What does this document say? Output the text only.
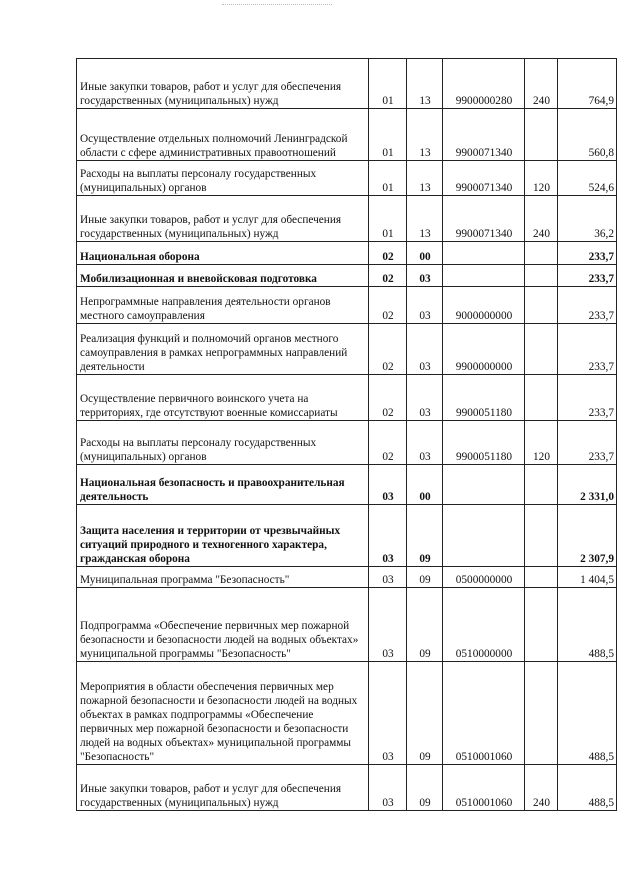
Иные закупки товаров, работ и услуг для обеспечения государственных (муниципальных) нужд	01	13	9900000280	240	764,9
Осуществление отдельных полномочий Ленинградской области с сфере административных правоотношений	01	13	9900071340		560,8
Расходы на выплаты персоналу государственных (муниципальных) органов	01	13	9900071340	120	524,6
Иные закупки товаров, работ и услуг для обеспечения государственных (муниципальных) нужд	01	13	9900071340	240	36,2
Национальная оборона	02	00			233,7
Мобилизационная и вневойсковая подготовка	02	03			233,7
Непрограммные направления деятельности органов местного самоуправления	02	03	9000000000		233,7
Реализация функций и полномочий органов местного самоуправления в рамках непрограммных направлений деятельности	02	03	9900000000		233,7
Осуществление первичного воинского учета на территориях, где отсутствуют военные комиссариаты	02	03	9900051180		233,7
Расходы на выплаты персоналу государственных (муниципальных) органов	02	03	9900051180	120	233,7
Национальная безопасность и правоохранительная деятельность	03	00			2 331,0
Защита населения и территории от чрезвычайных ситуаций природного и техногенного характера, гражданская оборона	03	09			2 307,9
Муниципальная программа "Безопасность"	03	09	0500000000		1 404,5
Подпрограмма «Обеспечение первичных мер пожарной безопасности и безопасности людей на водных объектах» муниципальной программы "Безопасность"	03	09	0510000000		488,5
Мероприятия в области обеспечения первичных мер пожарной безопасности и безопасности людей на водных объектах в рамках подпрограммы «Обеспечение первичных мер пожарной безопасности и безопасности людей на водных объектах» муниципальной программы "Безопасность"	03	09	0510001060		488,5
Иные закупки товаров, работ и услуг для обеспечения государственных (муниципальных) нужд	03	09	0510001060	240	488,5
